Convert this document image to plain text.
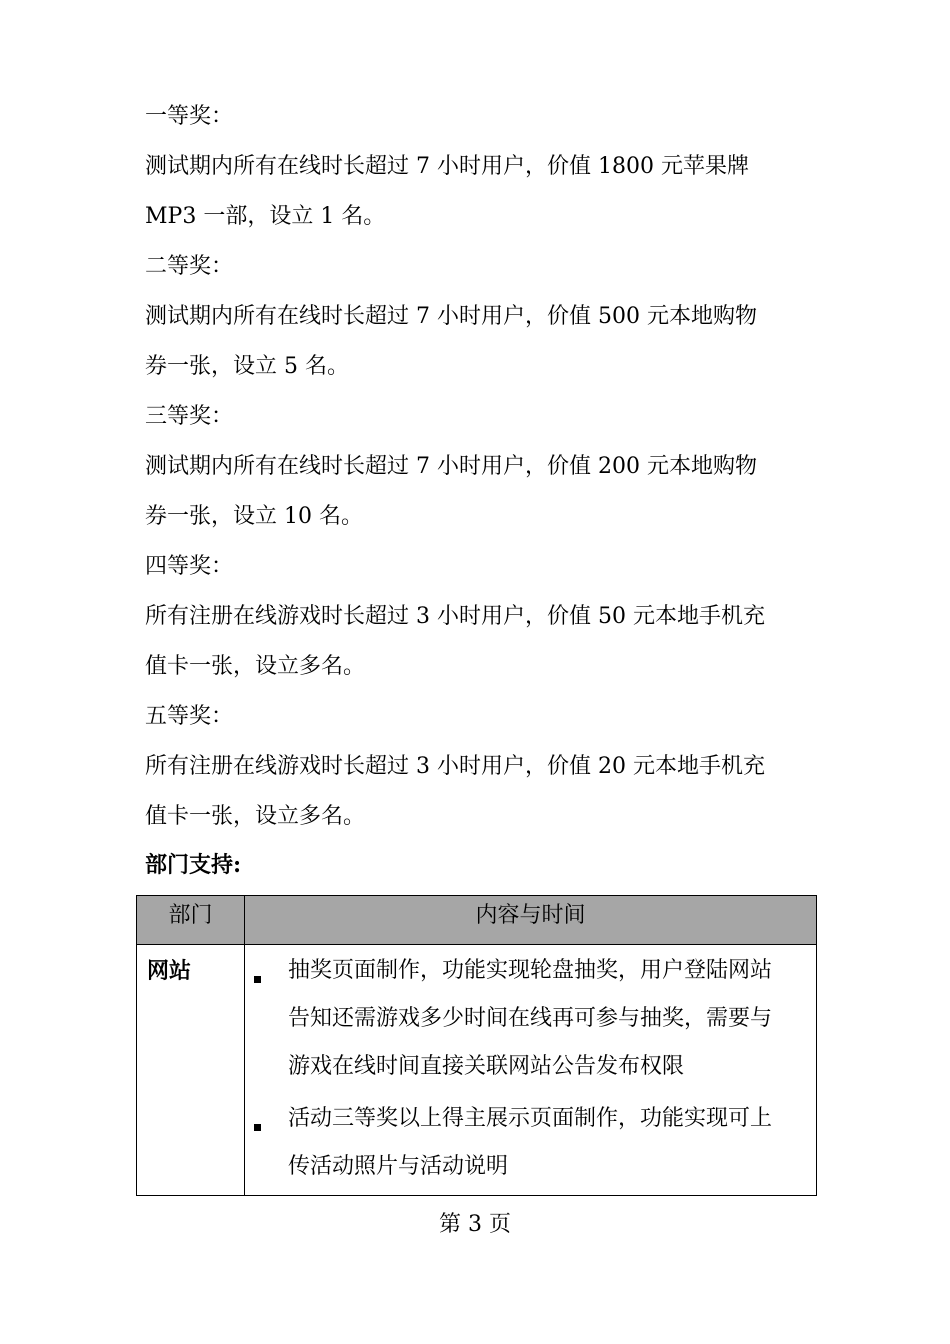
一等奖：
测试期内所有在线时长超过 7 小时用户，价值 1800 元苹果牌
MP3 一部，设立 1 名。
二等奖：
测试期内所有在线时长超过 7 小时用户，价值 500 元本地购物
券一张，设立 5 名。
三等奖：
测试期内所有在线时长超过 7 小时用户，价值 200 元本地购物
券一张，设立 10 名。
四等奖：
所有注册在线游戏时长超过 3 小时用户，价值 50 元本地手机充
值卡一张，设立多名。
五等奖：
所有注册在线游戏时长超过 3 小时用户，价值 20 元本地手机充
值卡一张，设立多名。
部门支持:
部门	内容与时间
网站	抽奖页面制作，功能实现轮盘抽奖，用户登陆网站
告知还需游戏多少时间在线再可参与抽奖，需要与
游戏在线时间直接关联网站公告发布权限
活动三等奖以上得主展示页面制作，功能实现可上
传活动照片与活动说明
第 3 页
